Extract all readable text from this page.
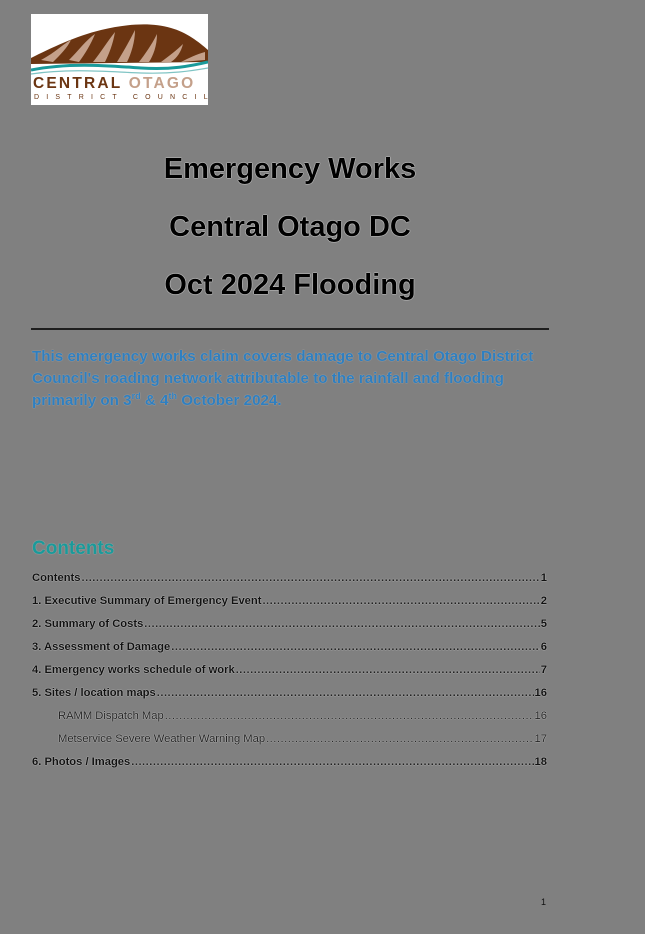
CENTRAL OTAGO
DISTRICT COUNCIL
Emergency Works
Central Otago DC
Oct 2024 Flooding
This emergency works claim covers damage to Central Otago District Council's roading network attributable to the rainfall and flooding primarily on 3rd & 4th October 2024.
Contents
Contents .....	1
1. Executive Summary of Emergency Event .....	2
2. Summary of Costs .....	5
3. Assessment of Damage .....	6
4. Emergency works schedule of work .....	7
5. Sites / location maps .....	16
RAMM Dispatch Map .....	16
Metservice Severe Weather Warning Map .....	17
6. Photos / Images .....	18
1
